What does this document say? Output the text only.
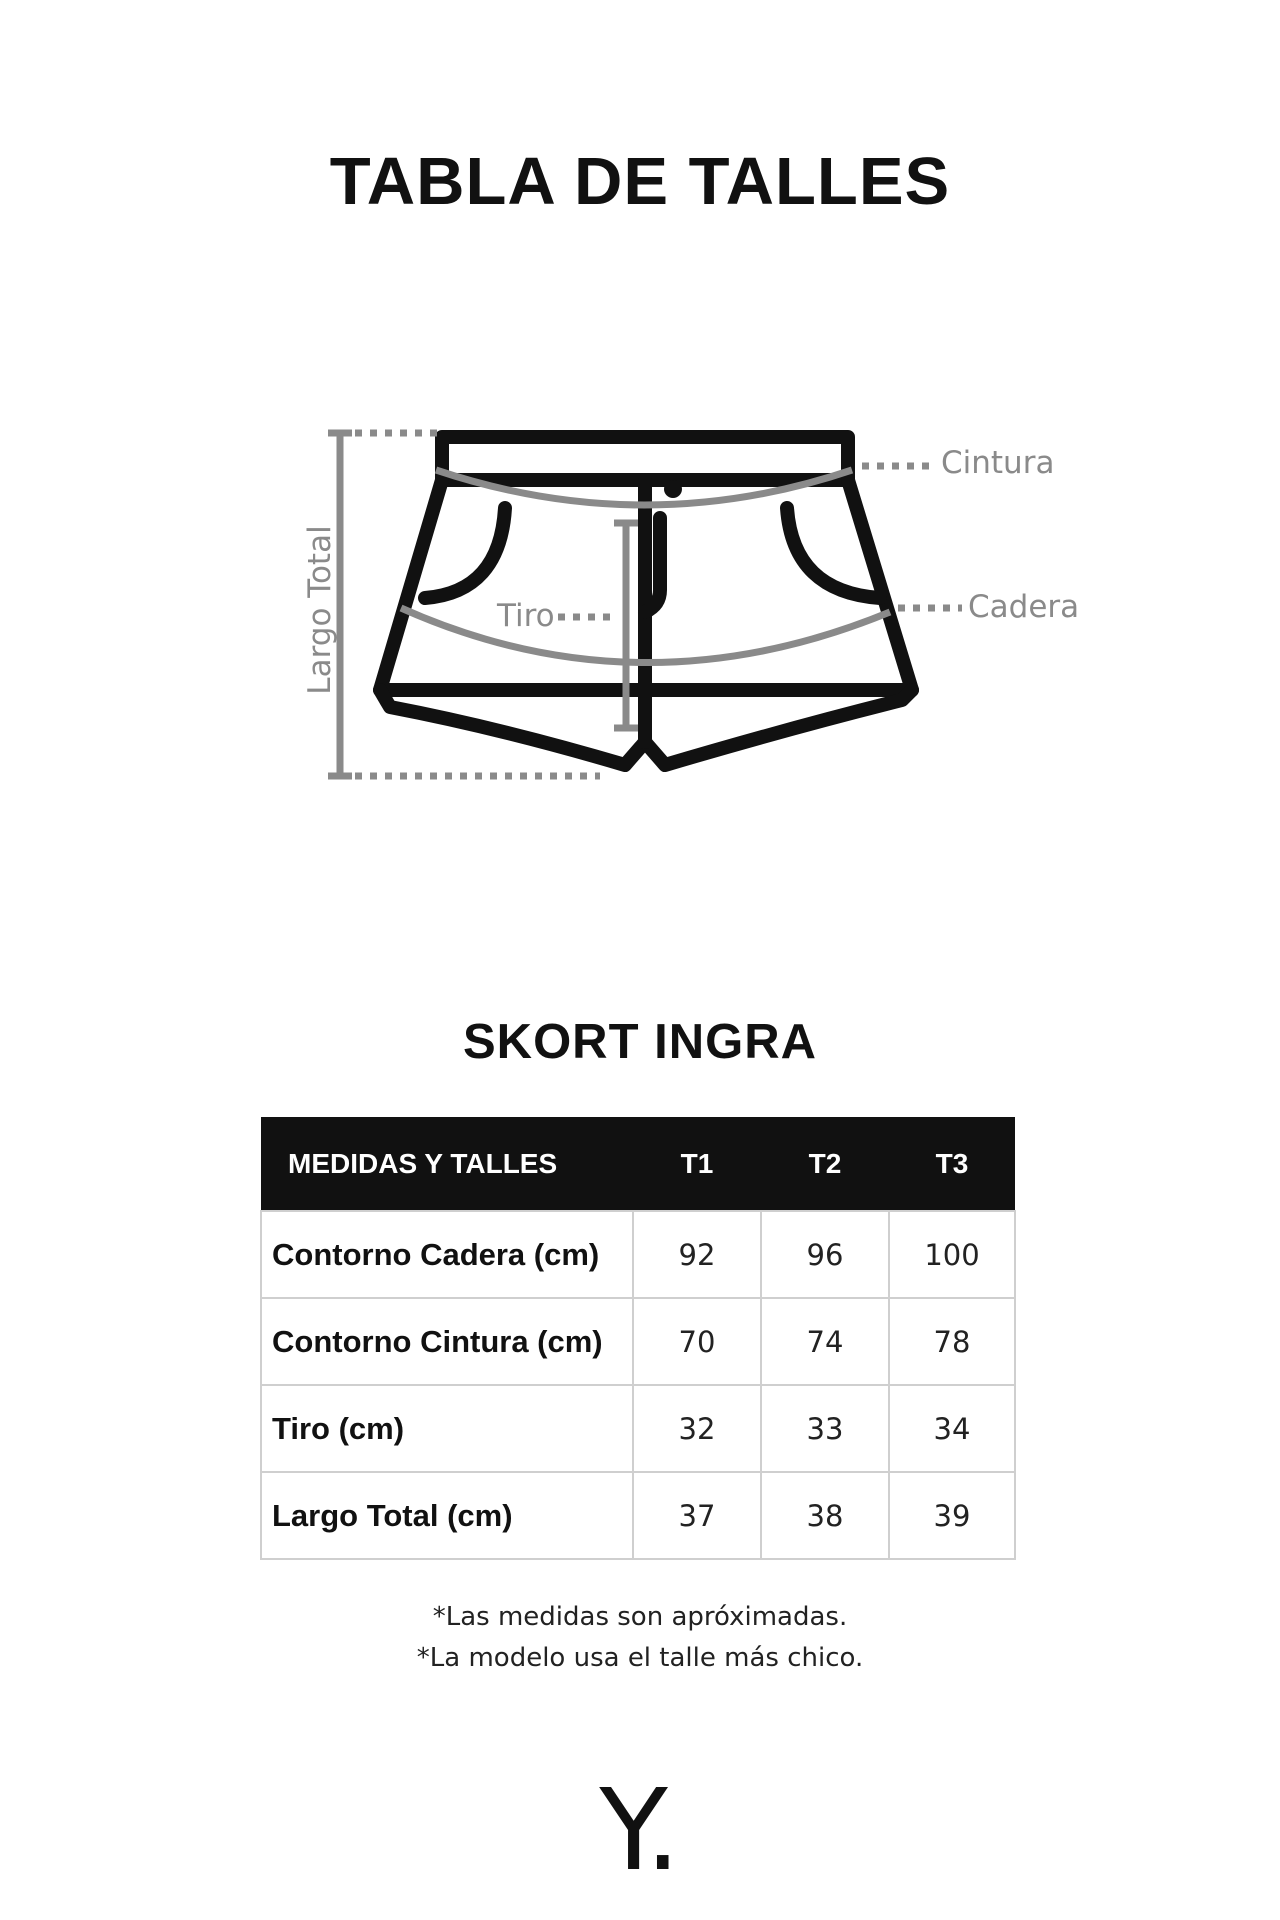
TABLA DE TALLES
Cintura
Cadera
Tiro
Largo Total
SKORT INGRA
MEDIDAS Y TALLES	T1	T2	T3
Contorno Cadera (cm)	92	96	100
Contorno Cintura (cm)	70	74	78
Tiro (cm)	32	33	34
Largo Total (cm)	37	38	39

*Las medidas son apróximadas.

*La modelo usa el talle más chico.

Y.
